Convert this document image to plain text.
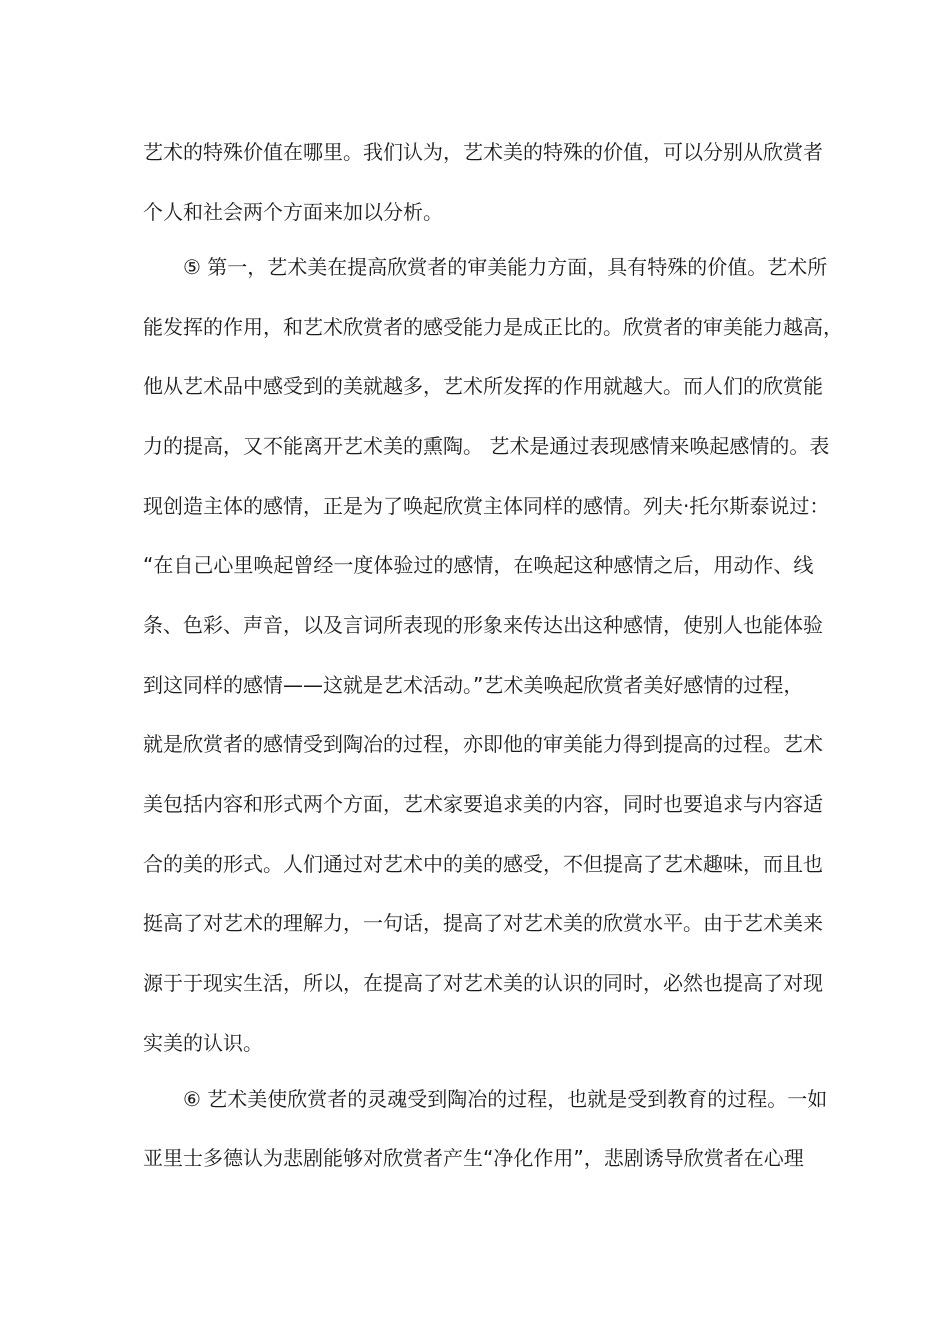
艺术的特殊价值在哪里。我们认为，艺术美的特殊的价值，可以分别从欣赏者
个人和社会两个方面来加以分析。
⑤ 第一，艺术美在提高欣赏者的审美能力方面，具有特殊的价值。艺术所
能发挥的作用，和艺术欣赏者的感受能力是成正比的。欣赏者的审美能力越高，
他从艺术品中感受到的美就越多，艺术所发挥的作用就越大。而人们的欣赏能
力的提高，又不能离开艺术美的熏陶。 艺术是通过表现感情来唤起感情的。表
现创造主体的感情，正是为了唤起欣赏主体同样的感情。列夫·托尔斯泰说过：
“在自己心里唤起曾经一度体验过的感情，在唤起这种感情之后，用动作、线
条、色彩、声音，以及言词所表现的形象来传达出这种感情，使别人也能体验
到这同样的感情——这就是艺术活动。”艺术美唤起欣赏者美好感情的过程，
就是欣赏者的感情受到陶冶的过程，亦即他的审美能力得到提高的过程。艺术
美包括内容和形式两个方面，艺术家要追求美的内容，同时也要追求与内容适
合的美的形式。人们通过对艺术中的美的感受，不但提高了艺术趣味，而且也
挺高了对艺术的理解力，一句话，提高了对艺术美的欣赏水平。由于艺术美来
源于于现实生活，所以，在提高了对艺术美的认识的同时，必然也提高了对现
实美的认识。
⑥ 艺术美使欣赏者的灵魂受到陶冶的过程，也就是受到教育的过程。一如
亚里士多德认为悲剧能够对欣赏者产生“净化作用”，悲剧诱导欣赏者在心理
